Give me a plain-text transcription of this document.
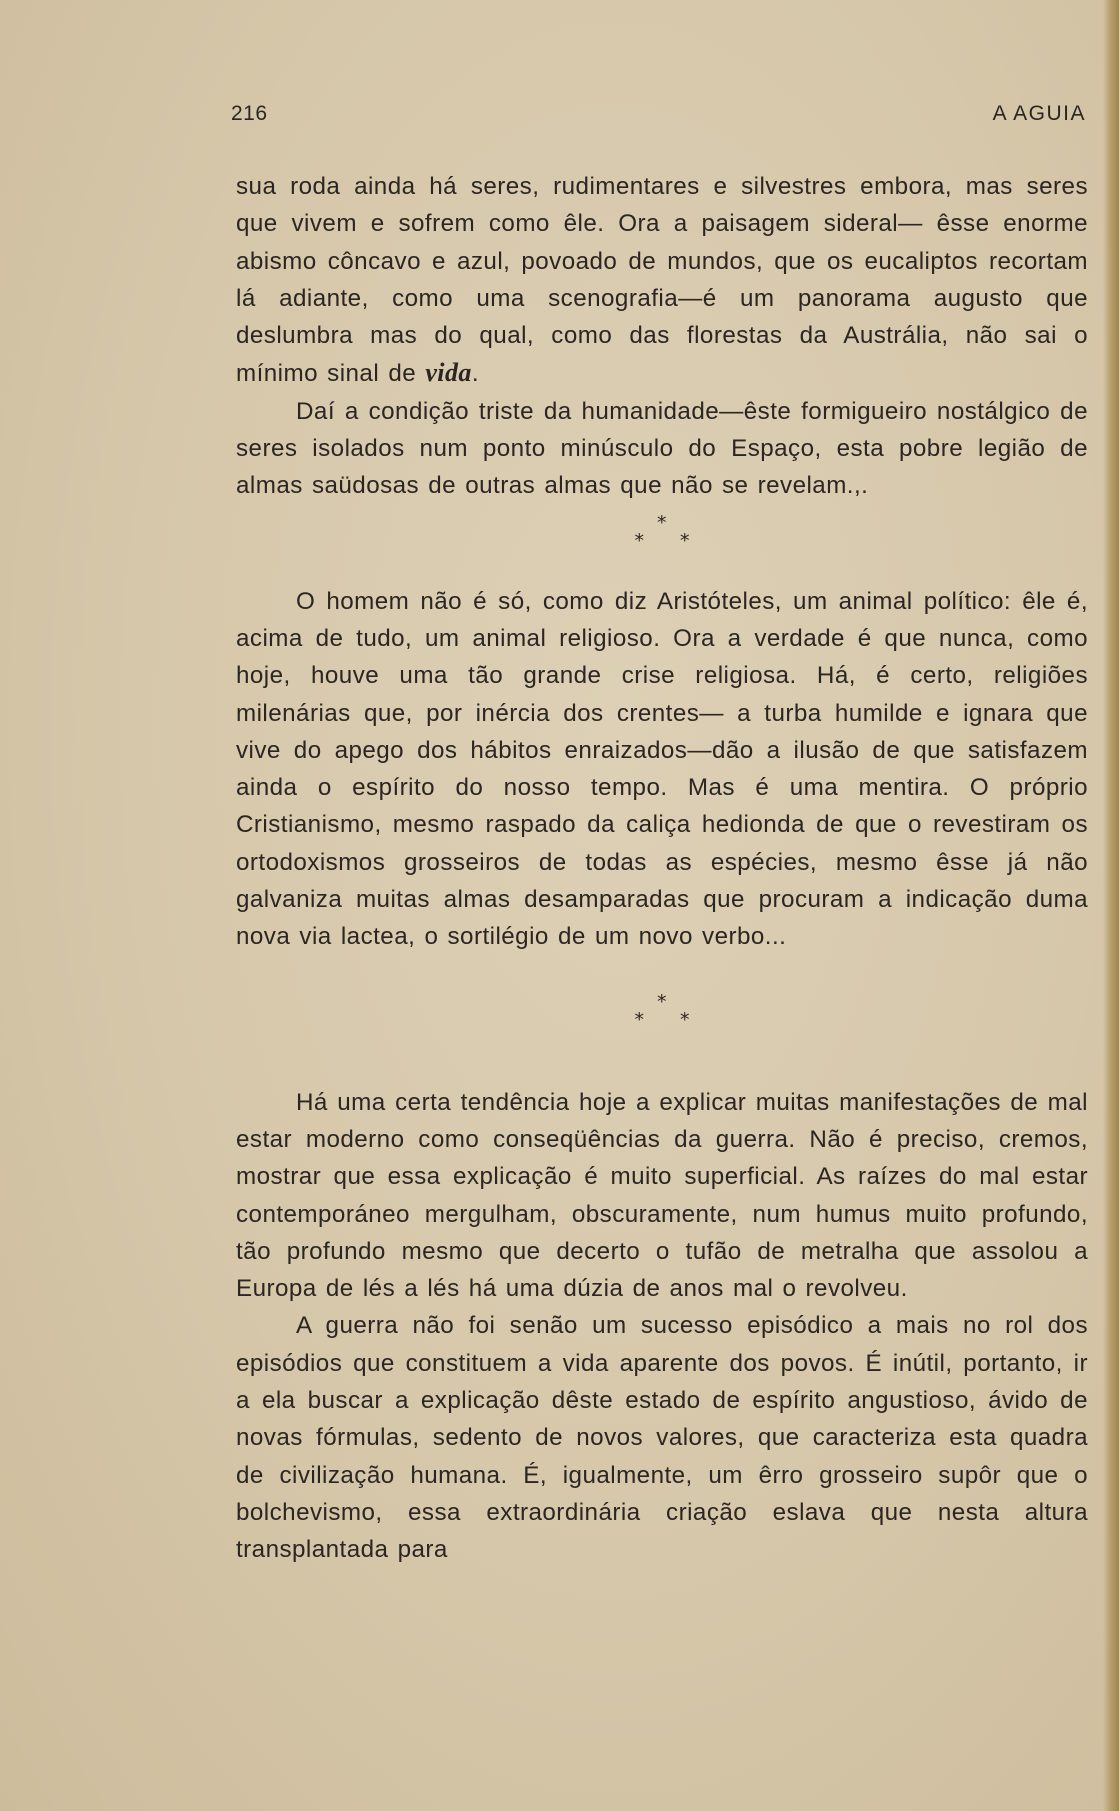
216	A AGUIA

sua roda ainda há seres, rudimentares e silvestres embora, mas seres que vivem e sofrem como êle. Ora a paisagem sideral— êsse enorme abismo côncavo e azul, povoado de mundos, que os eucaliptos recortam lá adiante, como uma scenografia—é um panorama augusto que deslumbra mas do qual, como das florestas da Austrália, não sai o mínimo sinal de vida.

Daí a condição triste da humanidade—êste formigueiro nostálgico de seres isolados num ponto minúsculo do Espaço, esta pobre legião de almas saüdosas de outras almas que não se revelam.,.

*
**

O homem não é só, como diz Aristóteles, um animal político: êle é, acima de tudo, um animal religioso. Ora a verdade é que nunca, como hoje, houve uma tão grande crise religiosa. Há, é certo, religiões milenárias que, por inércia dos crentes— a turba humilde e ignara que vive do apego dos hábitos enraizados—dão a ilusão de que satisfazem ainda o espírito do nosso tempo. Mas é uma mentira. O próprio Cristianismo, mesmo raspado da caliça hedionda de que o revestiram os ortodoxismos grosseiros de todas as espécies, mesmo êsse já não galvaniza muitas almas desamparadas que procuram a indicação duma nova via lactea, o sortilégio de um novo verbo...

*
**

Há uma certa tendência hoje a explicar muitas manifestações de mal estar moderno como conseqüências da guerra. Não é preciso, cremos, mostrar que essa explicação é muito superficial. As raízes do mal estar contemporáneo mergulham, obscuramente, num humus muito profundo, tão profundo mesmo que decerto o tufão de metralha que assolou a Europa de lés a lés há uma dúzia de anos mal o revolveu.

A guerra não foi senão um sucesso episódico a mais no rol dos episódios que constituem a vida aparente dos povos. É inútil, portanto, ir a ela buscar a explicação dêste estado de espírito angustioso, ávido de novas fórmulas, sedento de novos valores, que caracteriza esta quadra de civilização humana. É, igualmente, um êrro grosseiro supôr que o bolchevismo, essa extraordinária criação eslava que nesta altura transplantada para
